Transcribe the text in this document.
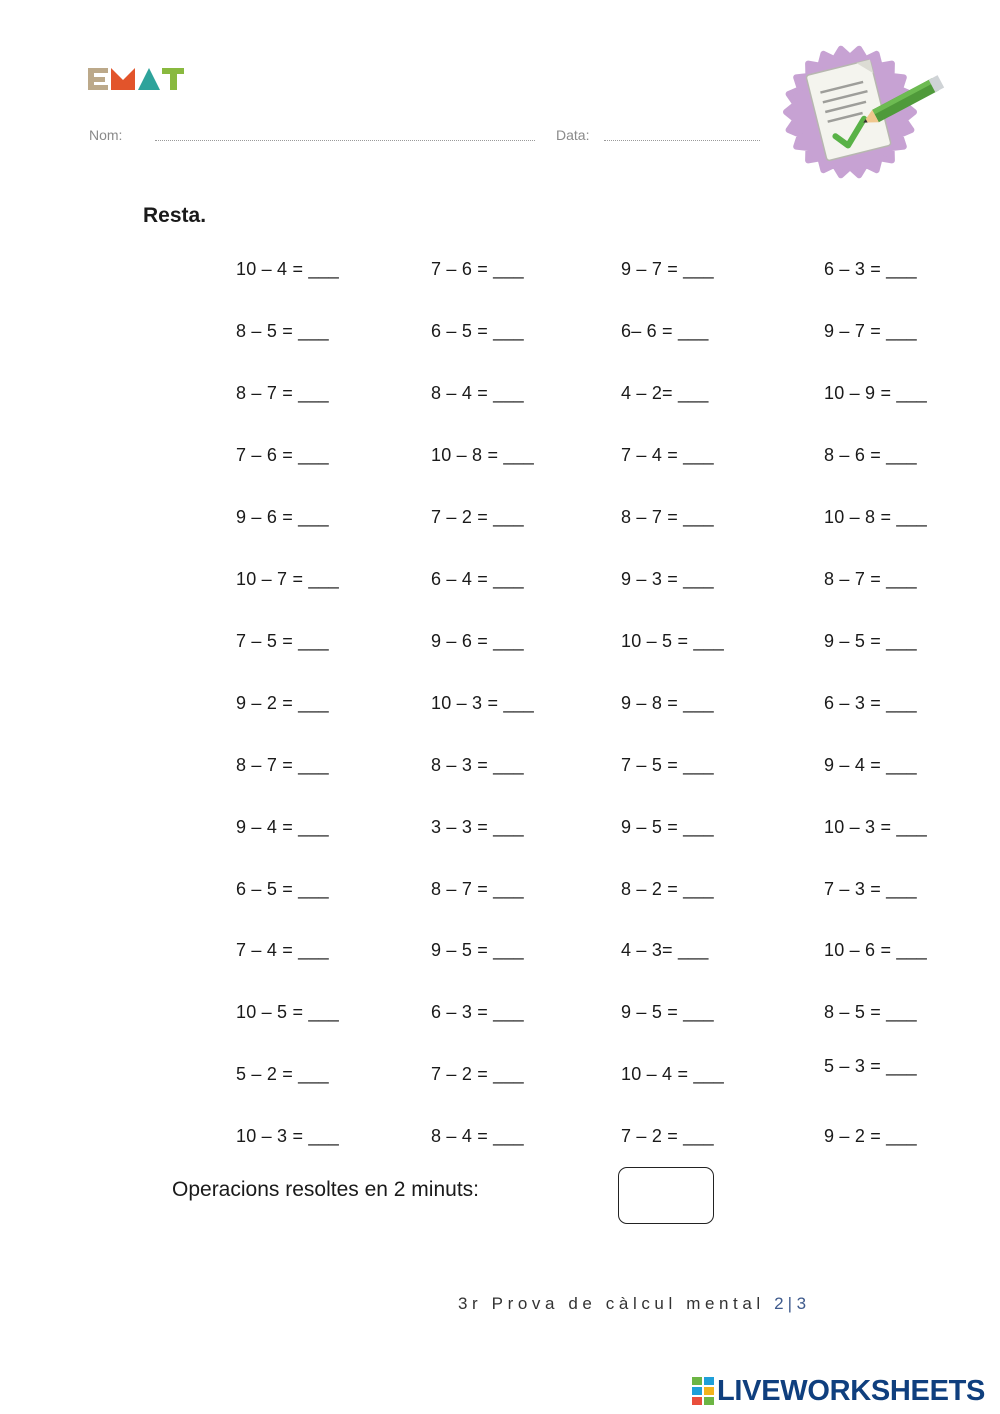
Nom:	Data:
Resta.
10 – 4 = ___
8 – 5 = ___
8 – 7 = ___
7 – 6 = ___
9 – 6 = ___
10 – 7 = ___
7 – 5 = ___
9 – 2 = ___
8 – 7 = ___
9 – 4 = ___
6 – 5 = ___
7 – 4 = ___
10 – 5 = ___
5 – 2 = ___
10 – 3 = ___
7 – 6 = ___
6 – 5 = ___
8 – 4 = ___
10 – 8 = ___
7 – 2 = ___
6 – 4 = ___
9 – 6 = ___
10 – 3 = ___
8 – 3 = ___
3 – 3 = ___
8 – 7 = ___
9 – 5 = ___
6 – 3 = ___
7 – 2 = ___
8 – 4 = ___
9 – 7 = ___
6– 6 = ___
4 – 2= ___
7 – 4 = ___
8 – 7 = ___
9 – 3 = ___
10 – 5 = ___
9 – 8 = ___
7 – 5 = ___
9 – 5 = ___
8 – 2 = ___
4 – 3= ___
9 – 5 = ___
10 – 4 = ___
7 – 2 = ___
6 – 3 = ___
9 – 7 = ___
10 – 9 = ___
8 – 6 = ___
10 – 8 = ___
8 – 7 = ___
9 – 5 = ___
6 – 3 = ___
9 – 4 = ___
10 – 3 = ___
7 – 3 = ___
10 – 6 = ___
8 – 5 = ___
5 – 3 = ___
9 – 2 = ___
Operacions resoltes en 2 minuts:
3r Prova de càlcul mental 2|3
LIVEWORKSHEETS
